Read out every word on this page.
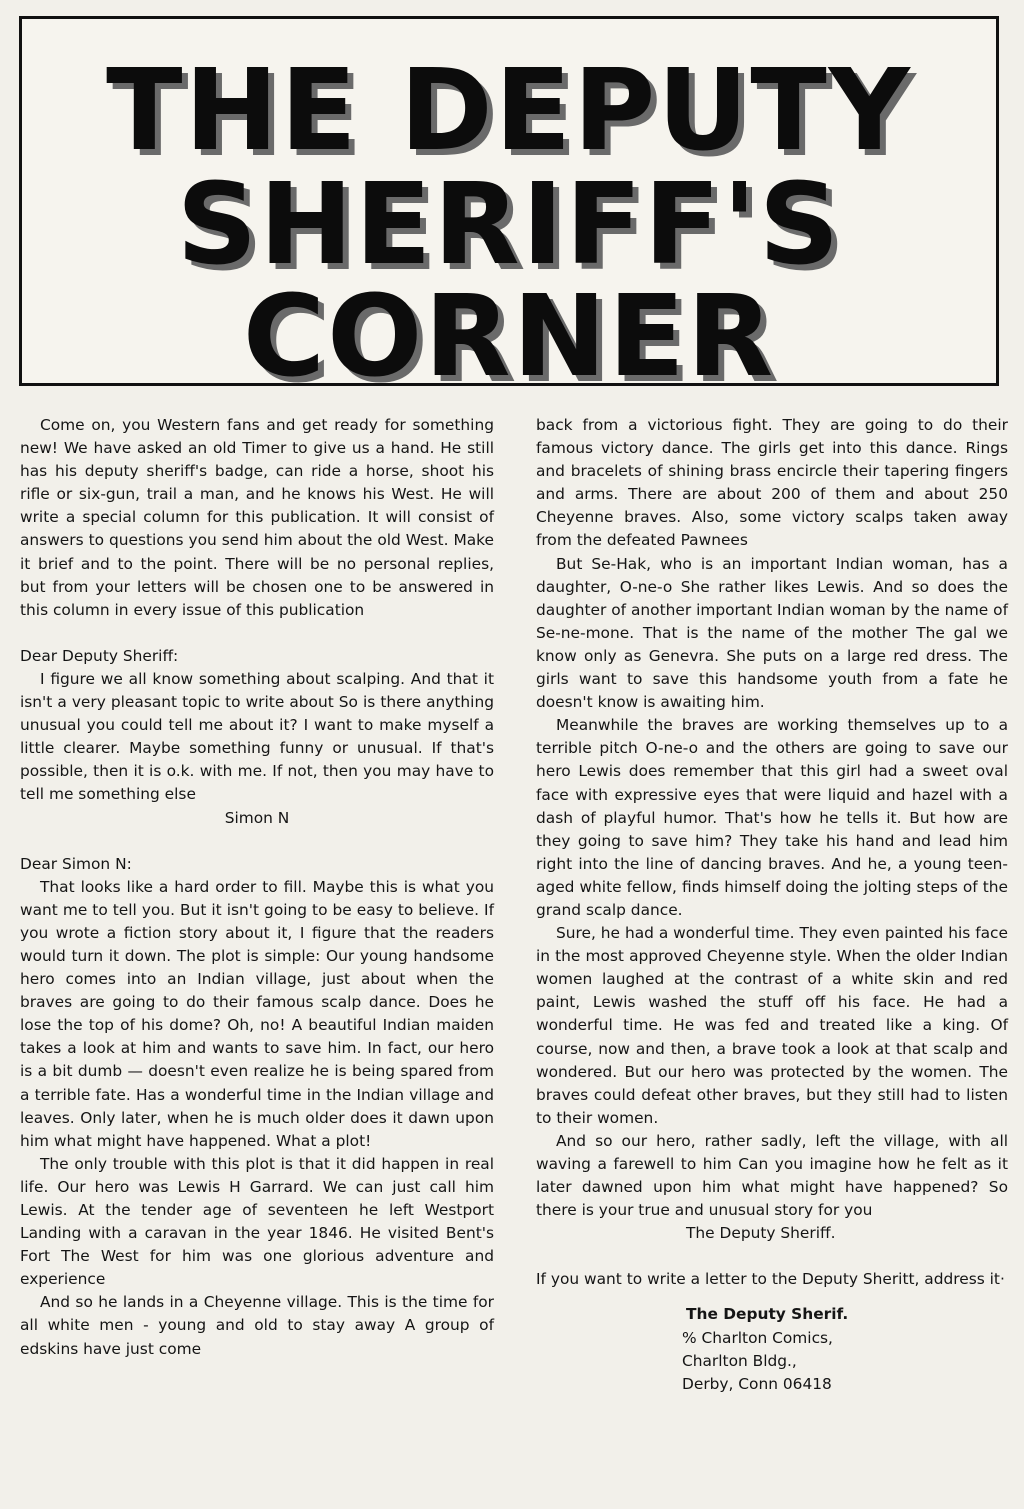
THE DEPUTY
SHERIFF'S
CORNER

Come on, you Western fans and get ready for something new! We have asked an old Timer to give us a hand. He still has his deputy sheriff's badge, can ride a horse, shoot his rifle or six-gun, trail a man, and he knows his West. He will write a special column for this publication. It will consist of answers to questions you send him about the old West. Make it brief and to the point. There will be no personal replies, but from your letters will be chosen one to be answered in this column in every issue of this publication

Dear Deputy Sheriff:

I figure we all know something about scalping. And that it isn't a very pleasant topic to write about So is there anything unusual you could tell me about it? I want to make myself a little clearer. Maybe something funny or unusual. If that's possible, then it is o.k. with me. If not, then you may have to tell me something else

Simon N

Dear Simon N:

That looks like a hard order to fill. Maybe this is what you want me to tell you. But it isn't going to be easy to believe. If you wrote a fiction story about it, I figure that the readers would turn it down. The plot is simple: Our young handsome hero comes into an Indian village, just about when the braves are going to do their famous scalp dance. Does he lose the top of his dome? Oh, no! A beautiful Indian maiden takes a look at him and wants to save him. In fact, our hero is a bit dumb — doesn't even realize he is being spared from a terrible fate. Has a wonderful time in the Indian village and leaves. Only later, when he is much older does it dawn upon him what might have happened. What a plot!

The only trouble with this plot is that it did happen in real life. Our hero was Lewis H Garrard. We can just call him Lewis. At the tender age of seventeen he left Westport Landing with a caravan in the year 1846. He visited Bent's Fort The West for him was one glorious adventure and experience

And so he lands in a Cheyenne village. This is the time for all white men - young and old to stay away A group of edskins have just come

back from a victorious fight. They are going to do their famous victory dance. The girls get into this dance. Rings and bracelets of shining brass encircle their tapering fingers and arms. There are about 200 of them and about 250 Cheyenne braves. Also, some victory scalps taken away from the defeated Pawnees

But Se-Hak, who is an important Indian woman, has a daughter, O-ne-o She rather likes Lewis. And so does the daughter of another important Indian woman by the name of Se-ne-mone. That is the name of the mother The gal we know only as Genevra. She puts on a large red dress. The girls want to save this handsome youth from a fate he doesn't know is awaiting him.

Meanwhile the braves are working themselves up to a terrible pitch O-ne-o and the others are going to save our hero Lewis does remember that this girl had a sweet oval face with expressive eyes that were liquid and hazel with a dash of playful humor. That's how he tells it. But how are they going to save him? They take his hand and lead him right into the line of dancing braves. And he, a young teen-aged white fellow, finds himself doing the jolting steps of the grand scalp dance.

Sure, he had a wonderful time. They even painted his face in the most approved Cheyenne style. When the older Indian women laughed at the contrast of a white skin and red paint, Lewis washed the stuff off his face. He had a wonderful time. He was fed and treated like a king. Of course, now and then, a brave took a look at that scalp and wondered. But our hero was protected by the women. The braves could defeat other braves, but they still had to listen to their women.

And so our hero, rather sadly, left the village, with all waving a farewell to him Can you imagine how he felt as it later dawned upon him what might have happened? So there is your true and unusual story for you

The Deputy Sheriff.

If you want to write a letter to the Deputy Sheritt, address it·

The Deputy Sherif.

% Charlton Comics,

Charlton Bldg.,

Derby, Conn 06418
